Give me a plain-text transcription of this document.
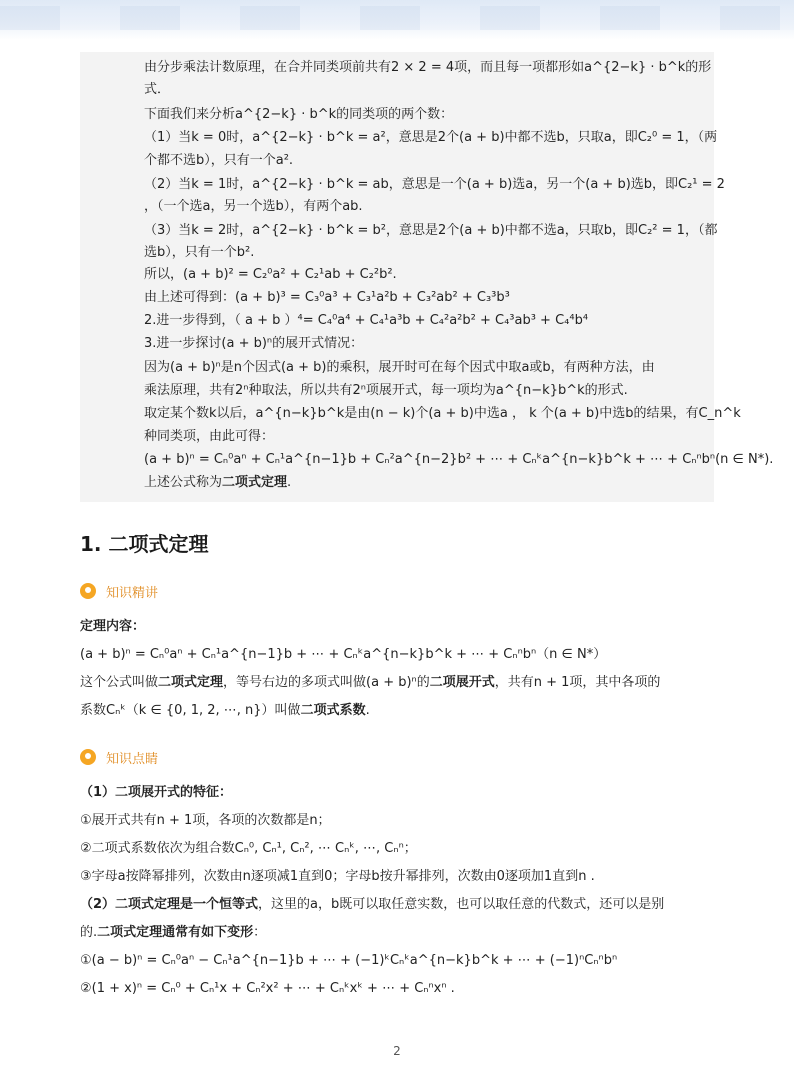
由分步乘法计数原理，在合并同类项前共有2 × 2 = 4项，而且每一项都形如a^{2−k} · b^k的形
式．
下面我们来分析a^{2−k} · b^k的同类项的两个数：
（1）当k = 0时，a^{2−k} · b^k = a²，意思是2个(a + b)中都不选b，只取a，即C₂⁰ = 1，（两
个都不选b），只有一个a².
（2）当k = 1时，a^{2−k} · b^k = ab，意思是一个(a + b)选a，另一个(a + b)选b，即C₂¹ = 2
，（一个选a，另一个选b），有两个ab.
（3）当k = 2时，a^{2−k} · b^k = b²，意思是2个(a + b)中都不选a，只取b，即C₂² = 1，（都
选b），只有一个b².
所以，(a + b)² = C₂⁰a² + C₂¹ab + C₂²b².
由上述可得到：(a + b)³ = C₃⁰a³ + C₃¹a²b + C₃²ab² + C₃³b³
2.进一步得到，（ a + b ）⁴= C₄⁰a⁴ + C₄¹a³b + C₄²a²b² + C₄³ab³ + C₄⁴b⁴
3.进一步探讨(a + b)ⁿ的展开式情况：
因为(a + b)ⁿ是n个因式(a + b)的乘积，展开时可在每个因式中取a或b，有两种方法，由
乘法原理，共有2ⁿ种取法，所以共有2ⁿ项展开式，每一项均为a^{n−k}b^k的形式.
取定某个数k以后，a^{n−k}b^k是由(n − k)个(a + b)中选a ， k 个(a + b)中选b的结果，有C_n^k
种同类项，由此可得：
(a + b)ⁿ = Cₙ⁰aⁿ + Cₙ¹a^{n−1}b + Cₙ²a^{n−2}b² + ⋯ + Cₙᵏa^{n−k}b^k + ⋯ + Cₙⁿbⁿ(n ∈ N*).
上述公式称为二项式定理.
1. 二项式定理
知识精讲
定理内容：
(a + b)ⁿ = Cₙ⁰aⁿ + Cₙ¹a^{n−1}b + ⋯ + Cₙᵏa^{n−k}b^k + ⋯ + Cₙⁿbⁿ（n ∈ N*）
这个公式叫做二项式定理，等号右边的多项式叫做(a + b)ⁿ的二项展开式，共有n + 1项，其中各项的
系数Cₙᵏ（k ∈ {0, 1, 2, ⋯, n}）叫做二项式系数.
知识点睛
（1）二项展开式的特征：
①展开式共有n + 1项，各项的次数都是n；
②二项式系数依次为组合数Cₙ⁰, Cₙ¹, Cₙ², ⋯ Cₙᵏ, ⋯, Cₙⁿ；
③字母a按降幂排列，次数由n逐项减1直到0；字母b按升幂排列，次数由0逐项加1直到n .
（2）二项式定理是一个恒等式，这里的a，b既可以取任意实数，也可以取任意的代数式，还可以是别
的.二项式定理通常有如下变形：
①(a − b)ⁿ = Cₙ⁰aⁿ − Cₙ¹a^{n−1}b + ⋯ + (−1)ᵏCₙᵏa^{n−k}b^k + ⋯ + (−1)ⁿCₙⁿbⁿ
②(1 + x)ⁿ = Cₙ⁰ + Cₙ¹x + Cₙ²x² + ⋯ + Cₙᵏxᵏ + ⋯ + Cₙⁿxⁿ .
2
